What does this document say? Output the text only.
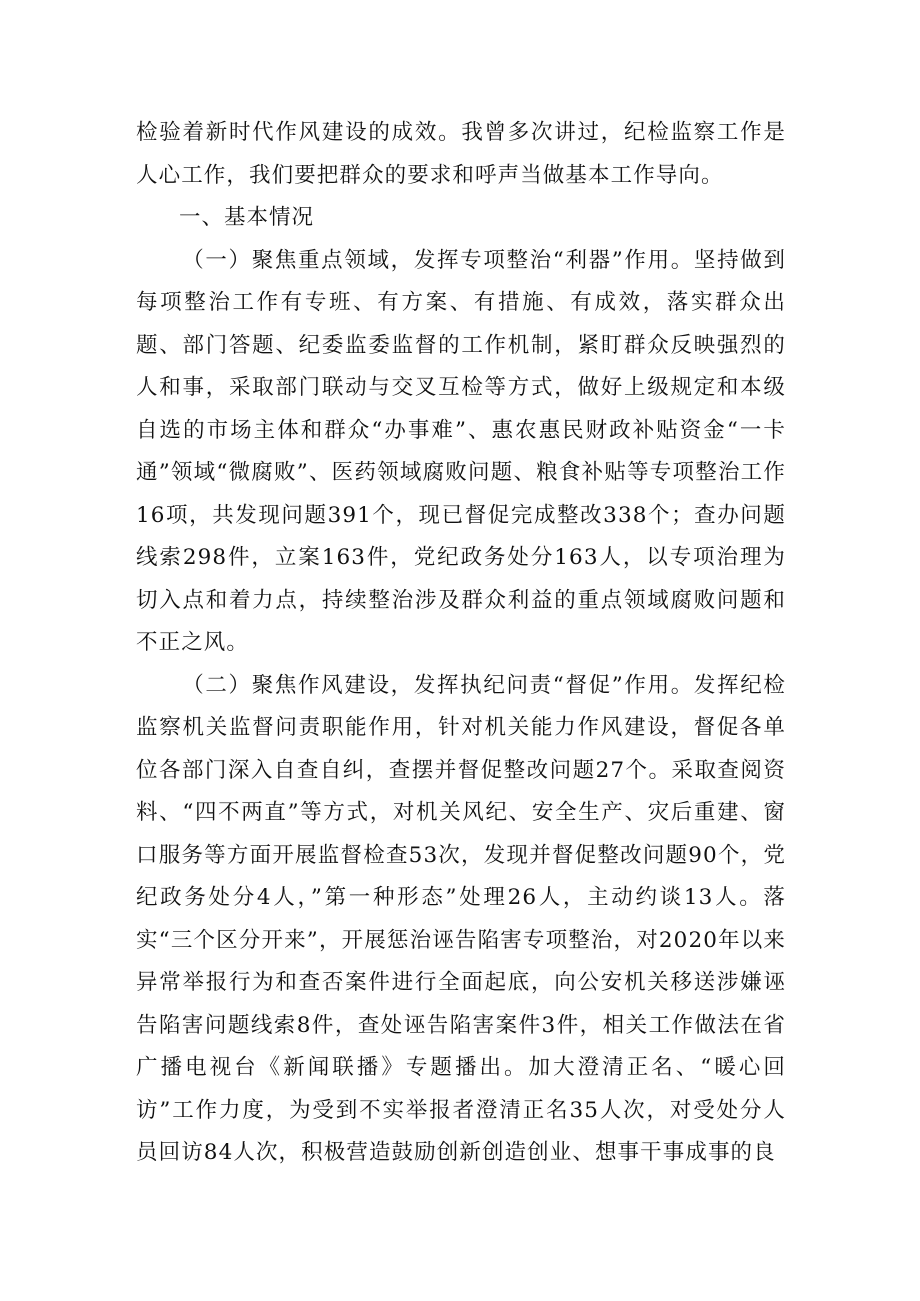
检验着新时代作风建设的成效。我曾多次讲过，纪检监察工作是人心工作，我们要把群众的要求和呼声当做基本工作导向。

一、基本情况

（一）聚焦重点领域，发挥专项整治“利器”作用。坚持做到每项整治工作有专班、有方案、有措施、有成效，落实群众出题、部门答题、纪委监委监督的工作机制，紧盯群众反映强烈的人和事，采取部门联动与交叉互检等方式，做好上级规定和本级自选的市场主体和群众“办事难”、惠农惠民财政补贴资金“一卡通”领域“微腐败”、医药领域腐败问题、粮食补贴等专项整治工作16项，共发现问题391个，现已督促完成整改338个；查办问题线索298件，立案163件，党纪政务处分163人，以专项治理为切入点和着力点，持续整治涉及群众利益的重点领域腐败问题和不正之风。

（二）聚焦作风建设，发挥执纪问责“督促”作用。发挥纪检监察机关监督问责职能作用，针对机关能力作风建设，督促各单位各部门深入自查自纠，查摆并督促整改问题27个。采取查阅资料、“四不两直”等方式，对机关风纪、安全生产、灾后重建、窗口服务等方面开展监督检查53次，发现并督促整改问题90个，党纪政务处分4人，”第一种形态”处理26人，主动约谈13人。落实“三个区分开来”，开展惩治诬告陷害专项整治，对2020年以来异常举报行为和查否案件进行全面起底，向公安机关移送涉嫌诬告陷害问题线索8件，查处诬告陷害案件3件，相关工作做法在省广播电视台《新闻联播》专题播出。加大澄清正名、“暖心回访”工作力度，为受到不实举报者澄清正名35人次，对受处分人员回访84人次，积极营造鼓励创新创造创业、想事干事成事的良
